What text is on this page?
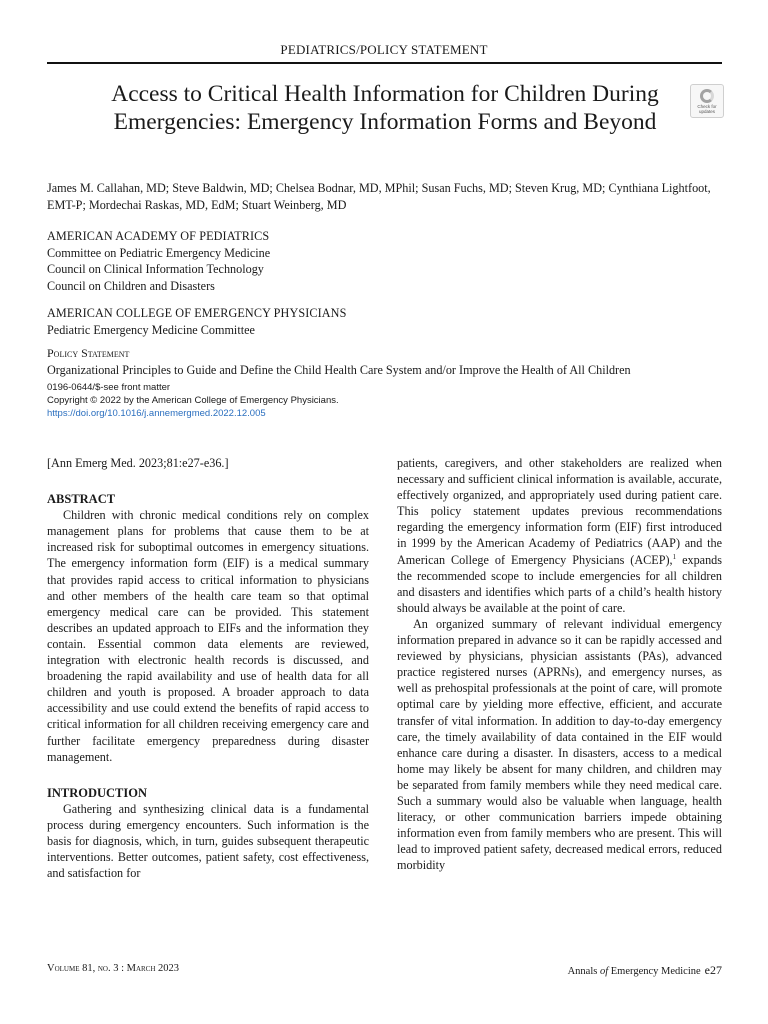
PEDIATRICS/POLICY STATEMENT
Access to Critical Health Information for Children During Emergencies: Emergency Information Forms and Beyond
Check for updates
James M. Callahan, MD; Steve Baldwin, MD; Chelsea Bodnar, MD, MPhil; Susan Fuchs, MD; Steven Krug, MD; Cynthiana Lightfoot, EMT-P; Mordechai Raskas, MD, EdM; Stuart Weinberg, MD
AMERICAN ACADEMY OF PEDIATRICS
Committee on Pediatric Emergency Medicine
Council on Clinical Information Technology
Council on Children and Disasters
AMERICAN COLLEGE OF EMERGENCY PHYSICIANS
Pediatric Emergency Medicine Committee
Policy Statement
Organizational Principles to Guide and Define the Child Health Care System and/or Improve the Health of All Children
0196-0644/$-see front matter
Copyright © 2022 by the American College of Emergency Physicians.
https://doi.org/10.1016/j.annemergmed.2022.12.005

[Ann Emerg Med. 2023;81:e27-e36.]

ABSTRACT

Children with chronic medical conditions rely on complex management plans for problems that cause them to be at increased risk for suboptimal outcomes in emergency situations. The emergency information form (EIF) is a medical summary that provides rapid access to critical information to physicians and other members of the health care team so that optimal emergency medical care can be provided. This statement describes an updated approach to EIFs and the information they contain. Essential common data elements are reviewed, integration with electronic health records is discussed, and broadening the rapid availability and use of health data for all children and youth is proposed. A broader approach to data accessibility and use could extend the benefits of rapid access to critical information for all children receiving emergency care and further facilitate emergency preparedness during disaster management.

INTRODUCTION

Gathering and synthesizing clinical data is a fundamental process during emergency encounters. Such information is the basis for diagnosis, which, in turn, guides subsequent therapeutic interventions. Better outcomes, patient safety, cost effectiveness, and satisfaction for

patients, caregivers, and other stakeholders are realized when necessary and sufficient clinical information is available, accurate, effectively organized, and appropriately used during patient care. This policy statement updates previous recommendations regarding the emergency information form (EIF) first introduced in 1999 by the American Academy of Pediatrics (AAP) and the American College of Emergency Physicians (ACEP),$^1$ expands the recommended scope to include emergencies for all children and disasters and identifies which parts of a child’s health history should always be available at the point of care.

An organized summary of relevant individual emergency information prepared in advance so it can be rapidly accessed and reviewed by physicians, physician assistants (PAs), advanced practice registered nurses (APRNs), and emergency nurses, as well as prehospital professionals at the point of care, will promote optimal care by yielding more effective, efficient, and accurate transfer of vital information. In addition to day-to-day emergency care, the timely availability of data contained in the EIF would enhance care during a disaster. In disasters, access to a medical home may likely be absent for many children, and children may be separated from family members while they need medical care. Such a summary would also be valuable when language, health literacy, or other communication barriers impede obtaining information even from family members who are present. This will lead to improved patient safety, decreased medical errors, reduced morbidity

Volume 81, no. 3 : March 2023	Annals of Emergency Medicine e27
